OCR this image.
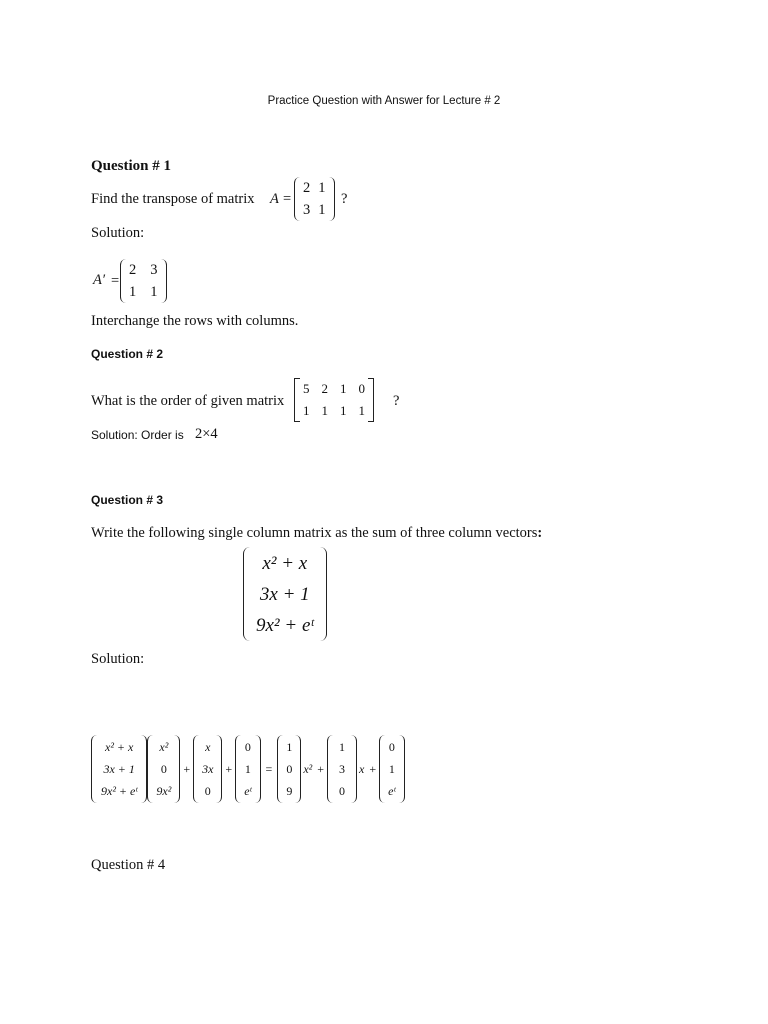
Practice Question with Answer for Lecture # 2
Question # 1
Find the transpose of matrix A =
2 1
3 1
?
Solution:
A′ =
2 3
1 1
Interchange the rows with columns.
Question # 2
What is the order of given matrix
5 2 1 0
1 1 1 1
?
Solution: Order is 2×4
Question # 3
Write the following single column matrix as the sum of three column vectors:
x² + x
3x + 1
9x² + eᵗ
Solution:
x² + x
3x + 1
9x² + eᵗ
x²
0
9x²
+
x
3x
0
+
0
1
eᵗ
=
1
0
9
x² +
1
3
0
x +
0
1
eᵗ
Question # 4
